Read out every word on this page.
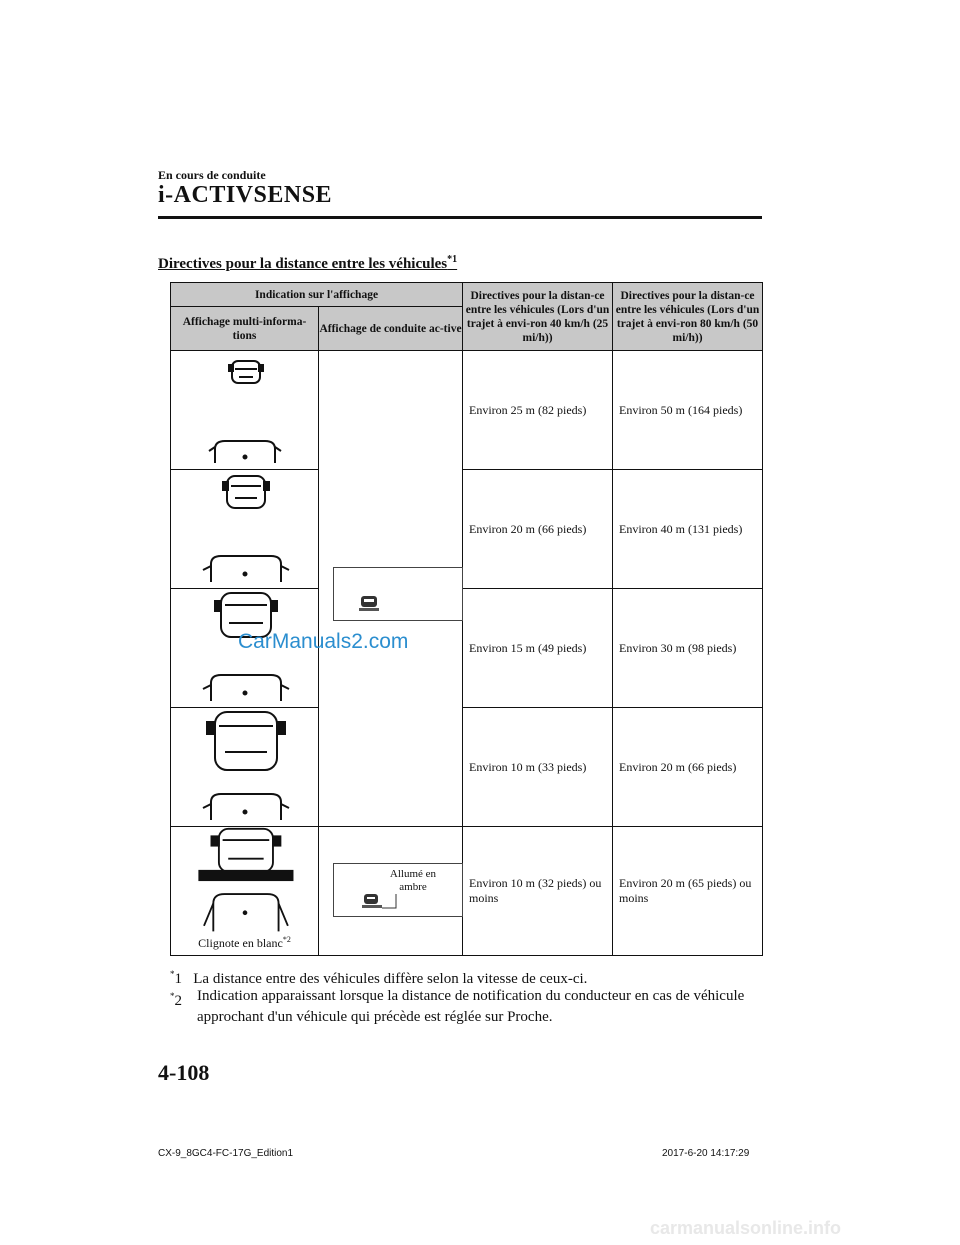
En cours de conduite
i-ACTIVSENSE
Directives pour la distance entre les véhicules$^{*1}$
Indication sur l'affichage		Directives pour la distan-ce entre les véhicules (Lors d'un trajet à envi-ron 40 km/h (25 mi/h))	Directives pour la distan-ce entre les véhicules (Lors d'un trajet à envi-ron 80 km/h (50 mi/h))
Affichage multi-informa-tions	Affichage de conduite ac-tive		

	Environ 25 m (82 pieds)	Environ 50 m (164 pieds)

	Environ 20 m (66 pieds)	Environ 40 m (131 pieds)

	Environ 15 m (49 pieds)	Environ 30 m (98 pieds)

	Environ 10 m (33 pieds)	Environ 20 m (66 pieds)

Clignote en blanc$^{*2}$	Allumé en ambre	Environ 10 m (32 pieds) ou moins	Environ 20 m (65 pieds) ou moins
CarManuals2.com
*1 La distance entre des véhicules diffère selon la vitesse de ceux-ci.
*2	Indication apparaissant lorsque la distance de notification du conducteur en cas de véhicule approchant d'un véhicule qui précède est réglée sur Proche.
4-108
CX-9_8GC4-FC-17G_Edition1	2017-6-20 14:17:29
carmanualsonline.info
